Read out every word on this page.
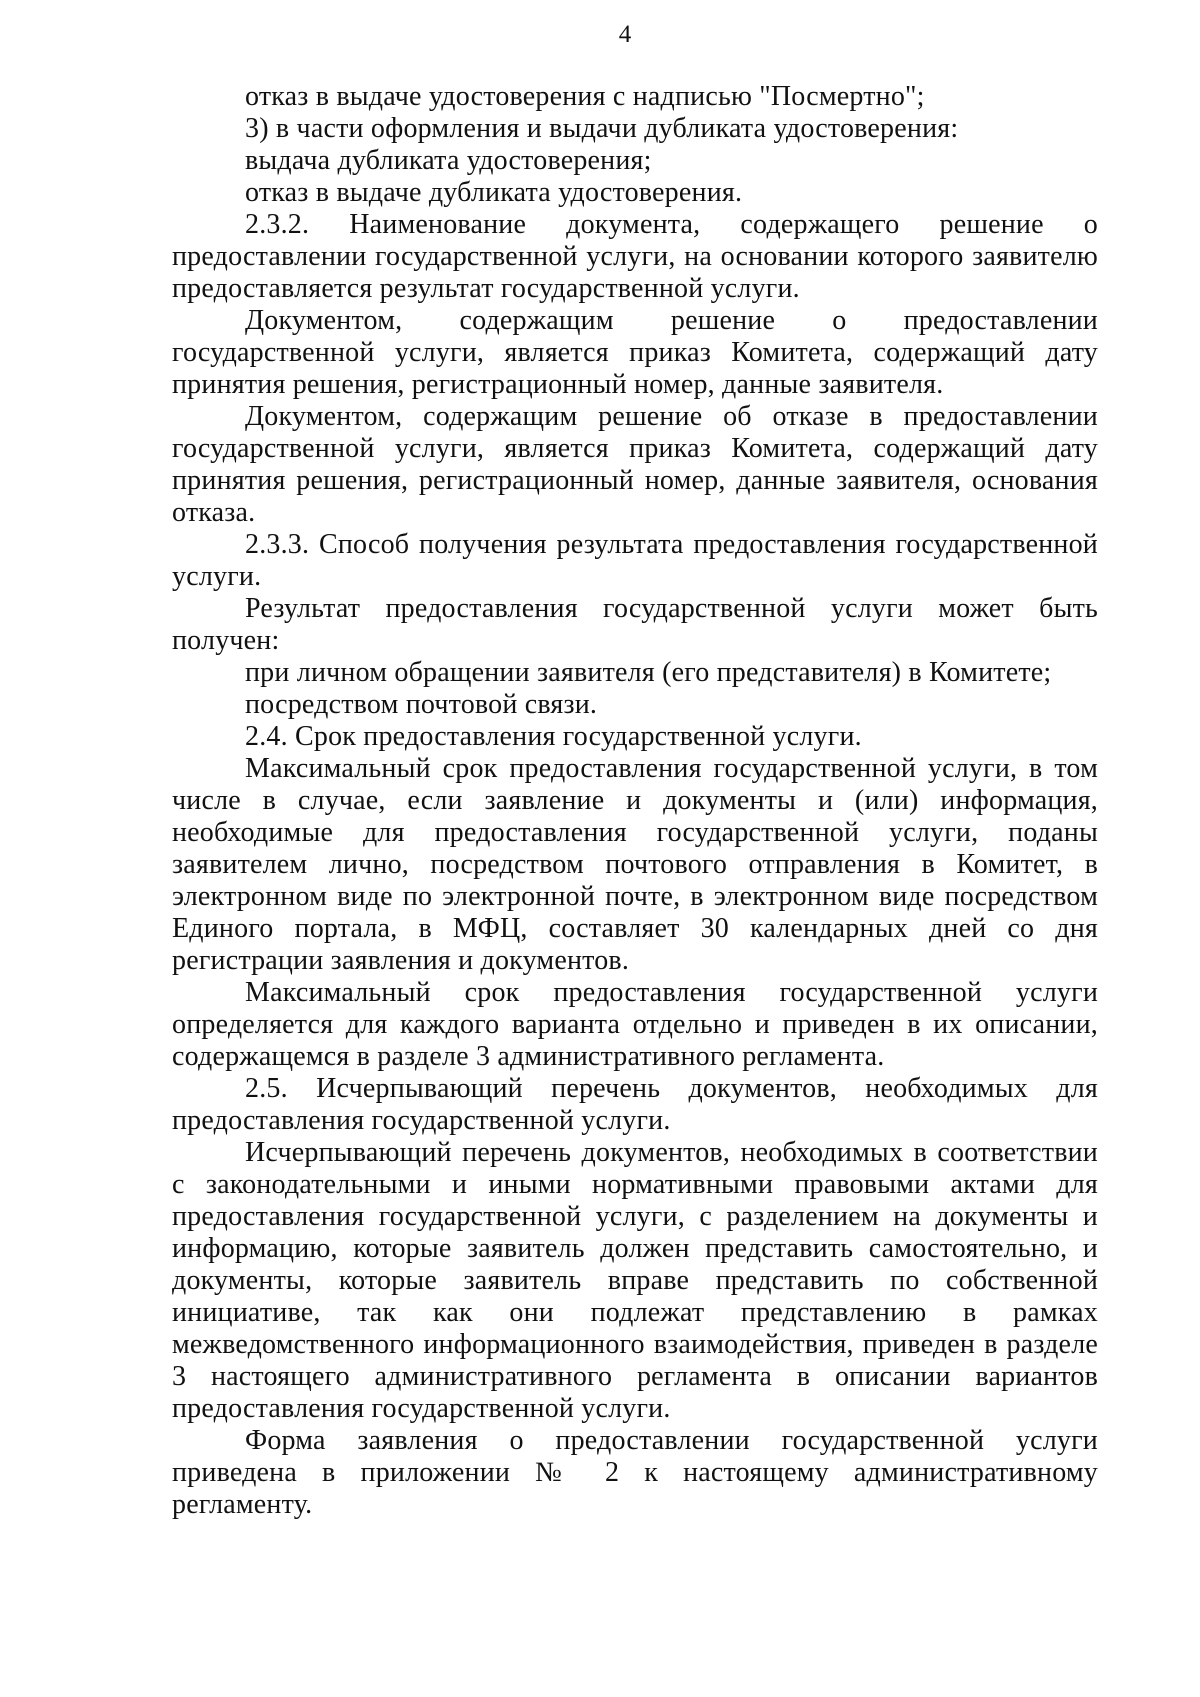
4

отказ в выдаче удостоверения с надписью "Посмертно";

3) в части оформления и выдачи дубликата удостоверения:

выдача дубликата удостоверения;

отказ в выдаче дубликата удостоверения.

2.3.2. Наименование документа, содержащего решение о предоставлении государственной услуги, на основании которого заявителю предоставляется результат государственной услуги.

Документом, содержащим решение о предоставлении государственной услуги, является приказ Комитета, содержащий дату принятия решения, регистрационный номер, данные заявителя.

Документом, содержащим решение об отказе в предоставлении государственной услуги, является приказ Комитета, содержащий дату принятия решения, регистрационный номер, данные заявителя, основания отказа.

2.3.3. Способ получения результата предоставления государственной услуги.

Результат предоставления государственной услуги может быть получен:

при личном обращении заявителя (его представителя) в Комитете;

посредством почтовой связи.

2.4. Срок предоставления государственной услуги.

Максимальный срок предоставления государственной услуги, в том числе в случае, если заявление и документы и (или) информация, необходимые для предоставления государственной услуги, поданы заявителем лично, посредством почтового отправления в Комитет, в электронном виде по электронной почте, в электронном виде посредством Единого портала, в МФЦ, составляет 30 календарных дней со дня регистрации заявления и документов.

Максимальный срок предоставления государственной услуги определяется для каждого варианта отдельно и приведен в их описании, содержащемся в разделе 3 административного регламента.

2.5. Исчерпывающий перечень документов, необходимых для предоставления государственной услуги.

Исчерпывающий перечень документов, необходимых в соответствии с законодательными и иными нормативными правовыми актами для предоставления государственной услуги, с разделением на документы и информацию, которые заявитель должен представить самостоятельно, и документы, которые заявитель вправе представить по собственной инициативе, так как они подлежат представлению в рамках межведомственного информационного взаимодействия, приведен в разделе 3 настоящего административного регламента в описании вариантов предоставления государственной услуги.

Форма заявления о предоставлении государственной услуги приведена в приложении № 2 к настоящему административному регламенту.
